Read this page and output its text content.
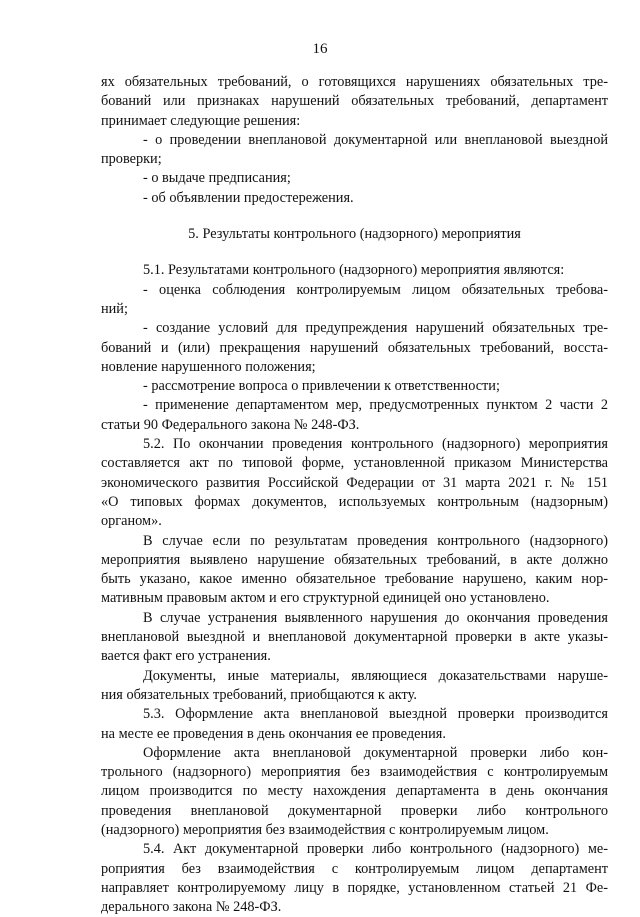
16
ях обязательных требований, о готовящихся нарушениях обязательных тре-
бований или признаках нарушений обязательных требований, департамент
принимает следующие решения:
- о проведении внеплановой документарной или внеплановой выездной
проверки;
- о выдаче предписания;
- об объявлении предостережения.
5. Результаты контрольного (надзорного) мероприятия
5.1. Результатами контрольного (надзорного) мероприятия являются:
- оценка соблюдения контролируемым лицом обязательных требова-
ний;
- создание условий для предупреждения нарушений обязательных тре-
бований и (или) прекращения нарушений обязательных требований, восста-
новление нарушенного положения;
- рассмотрение вопроса о привлечении к ответственности;
- применение департаментом мер, предусмотренных пунктом 2 части 2
статьи 90 Федерального закона № 248-ФЗ.
5.2. По окончании проведения контрольного (надзорного) мероприятия
составляется акт по типовой форме, установленной приказом Министерства
экономического развития Российской Федерации от 31 марта 2021 г. № 151
«О типовых формах документов, используемых контрольным (надзорным)
органом».
В случае если по результатам проведения контрольного (надзорного)
мероприятия выявлено нарушение обязательных требований, в акте должно
быть указано, какое именно обязательное требование нарушено, каким нор-
мативным правовым актом и его структурной единицей оно установлено.
В случае устранения выявленного нарушения до окончания проведения
внеплановой выездной и внеплановой документарной проверки в акте указы-
вается факт его устранения.
Документы, иные материалы, являющиеся доказательствами наруше-
ния обязательных требований, приобщаются к акту.
5.3. Оформление акта внеплановой выездной проверки производится
на месте ее проведения в день окончания ее проведения.
Оформление акта внеплановой документарной проверки либо кон-
трольного (надзорного) мероприятия без взаимодействия с контролируемым
лицом производится по месту нахождения департамента в день окончания
проведения внеплановой документарной проверки либо контрольного
(надзорного) мероприятия без взаимодействия с контролируемым лицом.
5.4. Акт документарной проверки либо контрольного (надзорного) ме-
роприятия без взаимодействия с контролируемым лицом департамент
направляет контролируемому лицу в порядке, установленном статьей 21 Фе-
дерального закона № 248-ФЗ.
